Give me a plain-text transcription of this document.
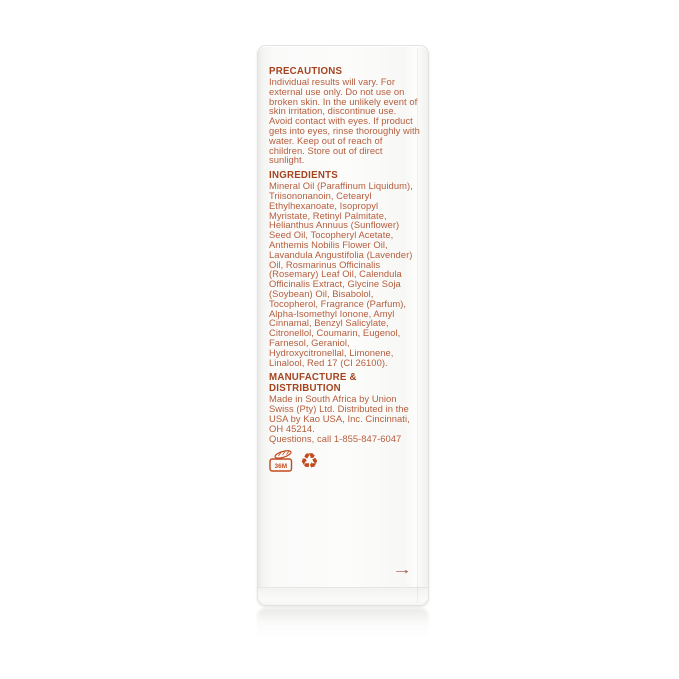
PRECAUTIONS

Individual results will vary. For external use only. Do not use on broken skin. In the unlikely event of skin irritation, discontinue use. Avoid contact with eyes. If product gets into eyes, rinse thoroughly with water. Keep out of reach of children. Store out of direct sunlight.

INGREDIENTS

Mineral Oil (Paraffinum Liquidum), Triisononanoin, Cetearyl Ethylhexanoate, Isopropyl Myristate, Retinyl Palmitate, Helianthus Annuus (Sunflower) Seed Oil, Tocopheryl Acetate, Anthemis Nobilis Flower Oil, Lavandula Angustifolia (Lavender) Oil, Rosmarinus Officinalis (Rosemary) Leaf Oil, Calendula Officinalis Extract, Glycine Soja (Soybean) Oil, Bisabolol, Tocopherol, Fragrance (Parfum), Alpha-Isomethyl Ionone, Amyl Cinnamal, Benzyl Salicylate, Citronellol, Coumarin, Eugenol, Farnesol, Geraniol, Hydroxycitronellal, Limonene, Linalool, Red 17 (CI 26100).

MANUFACTURE & DISTRIBUTION

Made in South Africa by Union Swiss (Pty) Ltd. Distributed in the USA by Kao USA, Inc. Cincinnati, OH 45214.

Questions, call 1-855-847-6047

36M ♻
→
